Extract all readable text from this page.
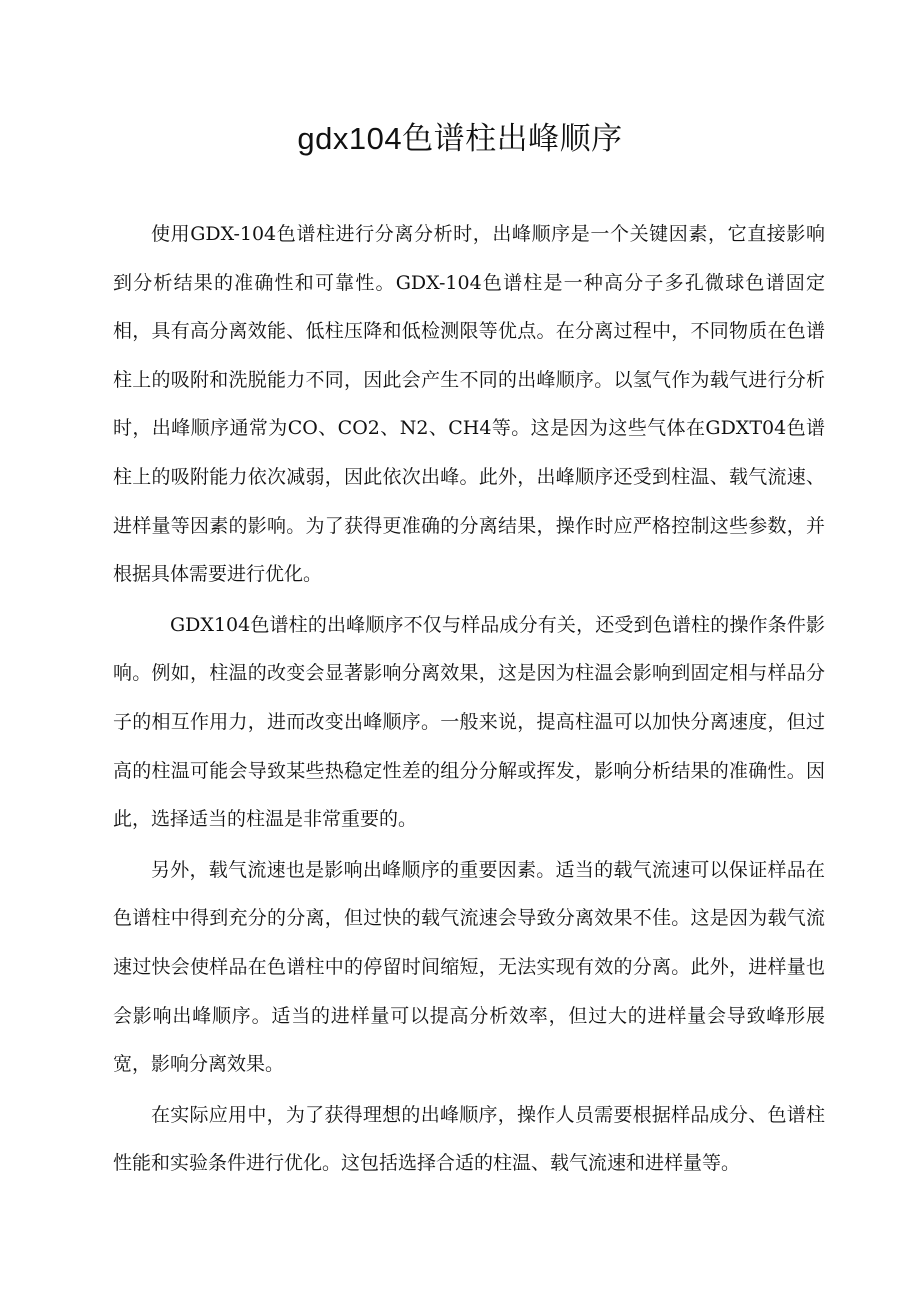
gdx104色谱柱出峰顺序

使用GDX-104色谱柱进行分离分析时，出峰顺序是一个关键因素，它直接影响到分析结果的准确性和可靠性。GDX-104色谱柱是一种高分子多孔微球色谱固定相，具有高分离效能、低柱压降和低检测限等优点。在分离过程中，不同物质在色谱柱上的吸附和洗脱能力不同，因此会产生不同的出峰顺序。以氢气作为载气进行分析时，出峰顺序通常为CO、CO2、N2、CH4等。这是因为这些气体在GDXT04色谱柱上的吸附能力依次减弱，因此依次出峰。此外，出峰顺序还受到柱温、载气流速、进样量等因素的影响。为了获得更准确的分离结果，操作时应严格控制这些参数，并根据具体需要进行优化。

GDX104色谱柱的出峰顺序不仅与样品成分有关，还受到色谱柱的操作条件影响。例如，柱温的改变会显著影响分离效果，这是因为柱温会影响到固定相与样品分子的相互作用力，进而改变出峰顺序。一般来说，提高柱温可以加快分离速度，但过高的柱温可能会导致某些热稳定性差的组分分解或挥发，影响分析结果的准确性。因此，选择适当的柱温是非常重要的。

另外，载气流速也是影响出峰顺序的重要因素。适当的载气流速可以保证样品在色谱柱中得到充分的分离，但过快的载气流速会导致分离效果不佳。这是因为载气流速过快会使样品在色谱柱中的停留时间缩短，无法实现有效的分离。此外，进样量也会影响出峰顺序。适当的进样量可以提高分析效率，但过大的进样量会导致峰形展宽，影响分离效果。

在实际应用中，为了获得理想的出峰顺序，操作人员需要根据样品成分、色谱柱性能和实验条件进行优化。这包括选择合适的柱温、载气流速和进样量等。
